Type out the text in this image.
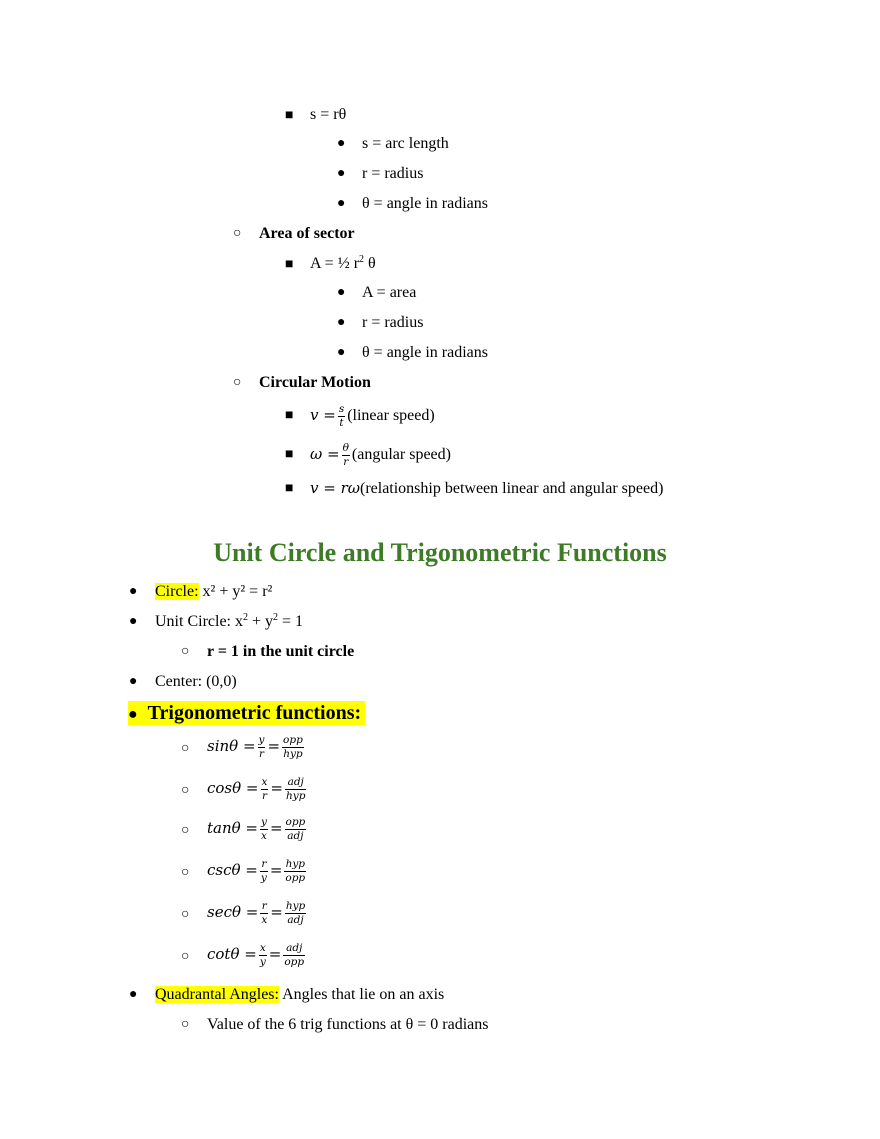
■ s = rθ
● s = arc length
● r = radius
● θ = angle in radians
○ Area of sector
■ A = ½ $r^2$ θ
● A = area
● r = radius
● θ = angle in radians
○ Circular Motion
■ $v = \frac{s}{t}$ (linear speed)
■ $\omega = \frac{\theta}{r}$ (angular speed)
■ v = rω(relationship between linear and angular speed)
Unit Circle and Trigonometric Functions
● Circle: x² + y² = r²
● Unit Circle: $x^2 + y^2 = 1$
○ r = 1 in the unit circle
● Center: (0,0)
● Trigonometric functions:
○ $\sin\theta = \frac{y}{r} = \frac{\text{opp}}{\text{hyp}}$
○ $\cos\theta = \frac{x}{r} = \frac{\text{adj}}{\text{hyp}}$
○ $\tan\theta = \frac{y}{x} = \frac{\text{opp}}{\text{adj}}$
○ $\csc\theta = \frac{r}{y} = \frac{\text{hyp}}{\text{opp}}$
○ $\sec\theta = \frac{r}{x} = \frac{\text{hyp}}{\text{adj}}$
○ $\cot\theta = \frac{x}{y} = \frac{\text{adj}}{\text{opp}}$
● Quadrantal Angles: Angles that lie on an axis
○ Value of the 6 trig functions at θ = 0 radians
